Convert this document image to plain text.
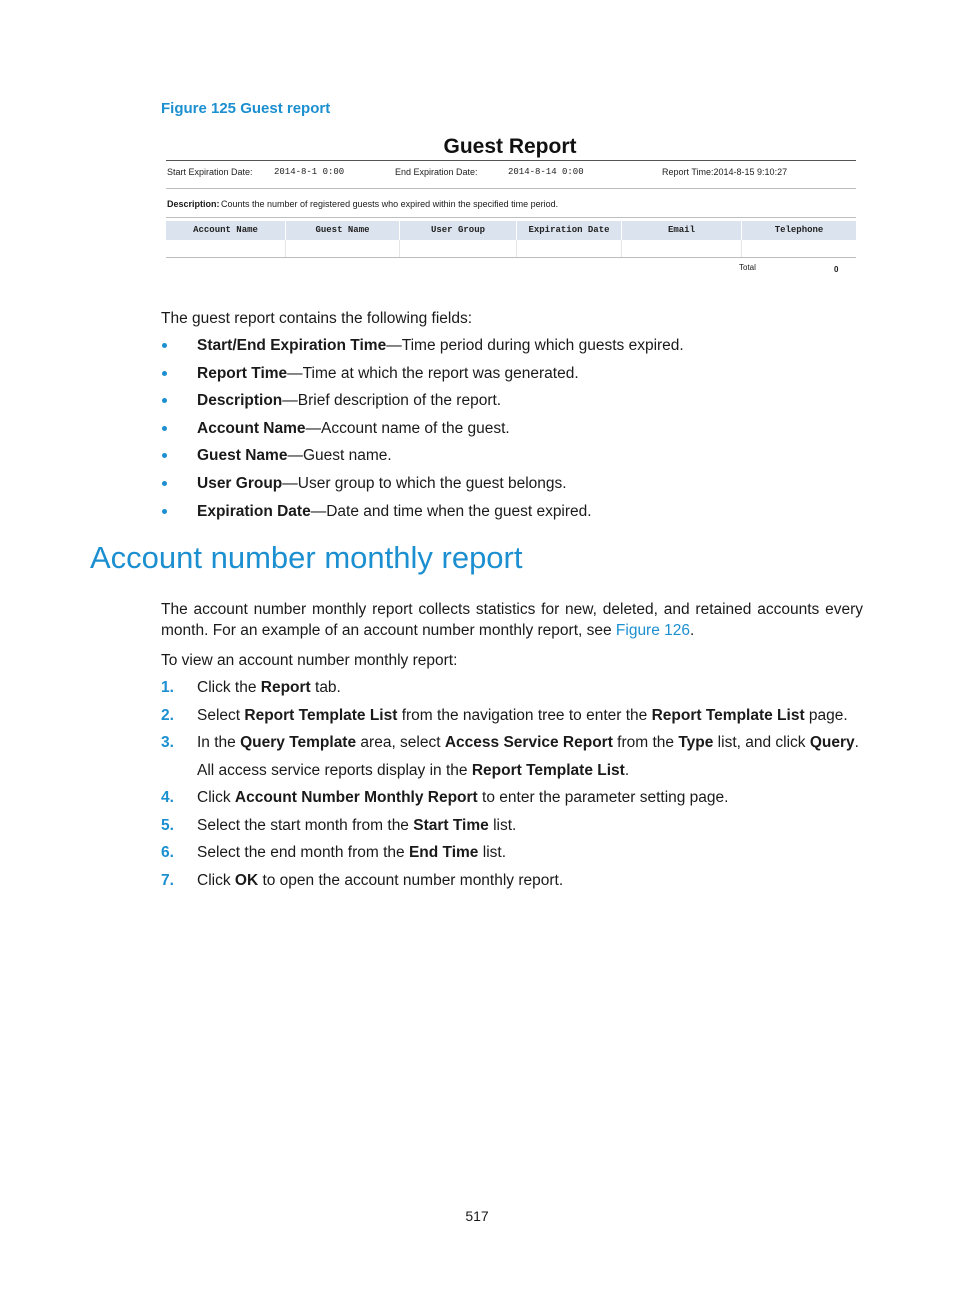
Figure 125 Guest report
Guest Report
Start Expiration Date: 2014-8-1 0:00	End Expiration Date:	2014-8-14 0:00	Report Time:2014-8-15 9:10:27
Description: Counts the number of registered guests who expired within the specified time period.
Account Name	Guest Name	User Group	Expiration Date	Email	Telephone
Total	0
The guest report contains the following fields:
Start/End Expiration Time—Time period during which guests expired.
Report Time—Time at which the report was generated.
Description—Brief description of the report.
Account Name—Account name of the guest.
Guest Name—Guest name.
User Group—User group to which the guest belongs.
Expiration Date—Date and time when the guest expired.
Account number monthly report
The account number monthly report collects statistics for new, deleted, and retained accounts every month. For an example of an account number monthly report, see Figure 126.
To view an account number monthly report:
1. Click the Report tab.
2. Select Report Template List from the navigation tree to enter the Report Template List page.
3. In the Query Template area, select Access Service Report from the Type list, and click Query.
All access service reports display in the Report Template List.
4. Click Account Number Monthly Report to enter the parameter setting page.
5. Select the start month from the Start Time list.
6. Select the end month from the End Time list.
7. Click OK to open the account number monthly report.
517
